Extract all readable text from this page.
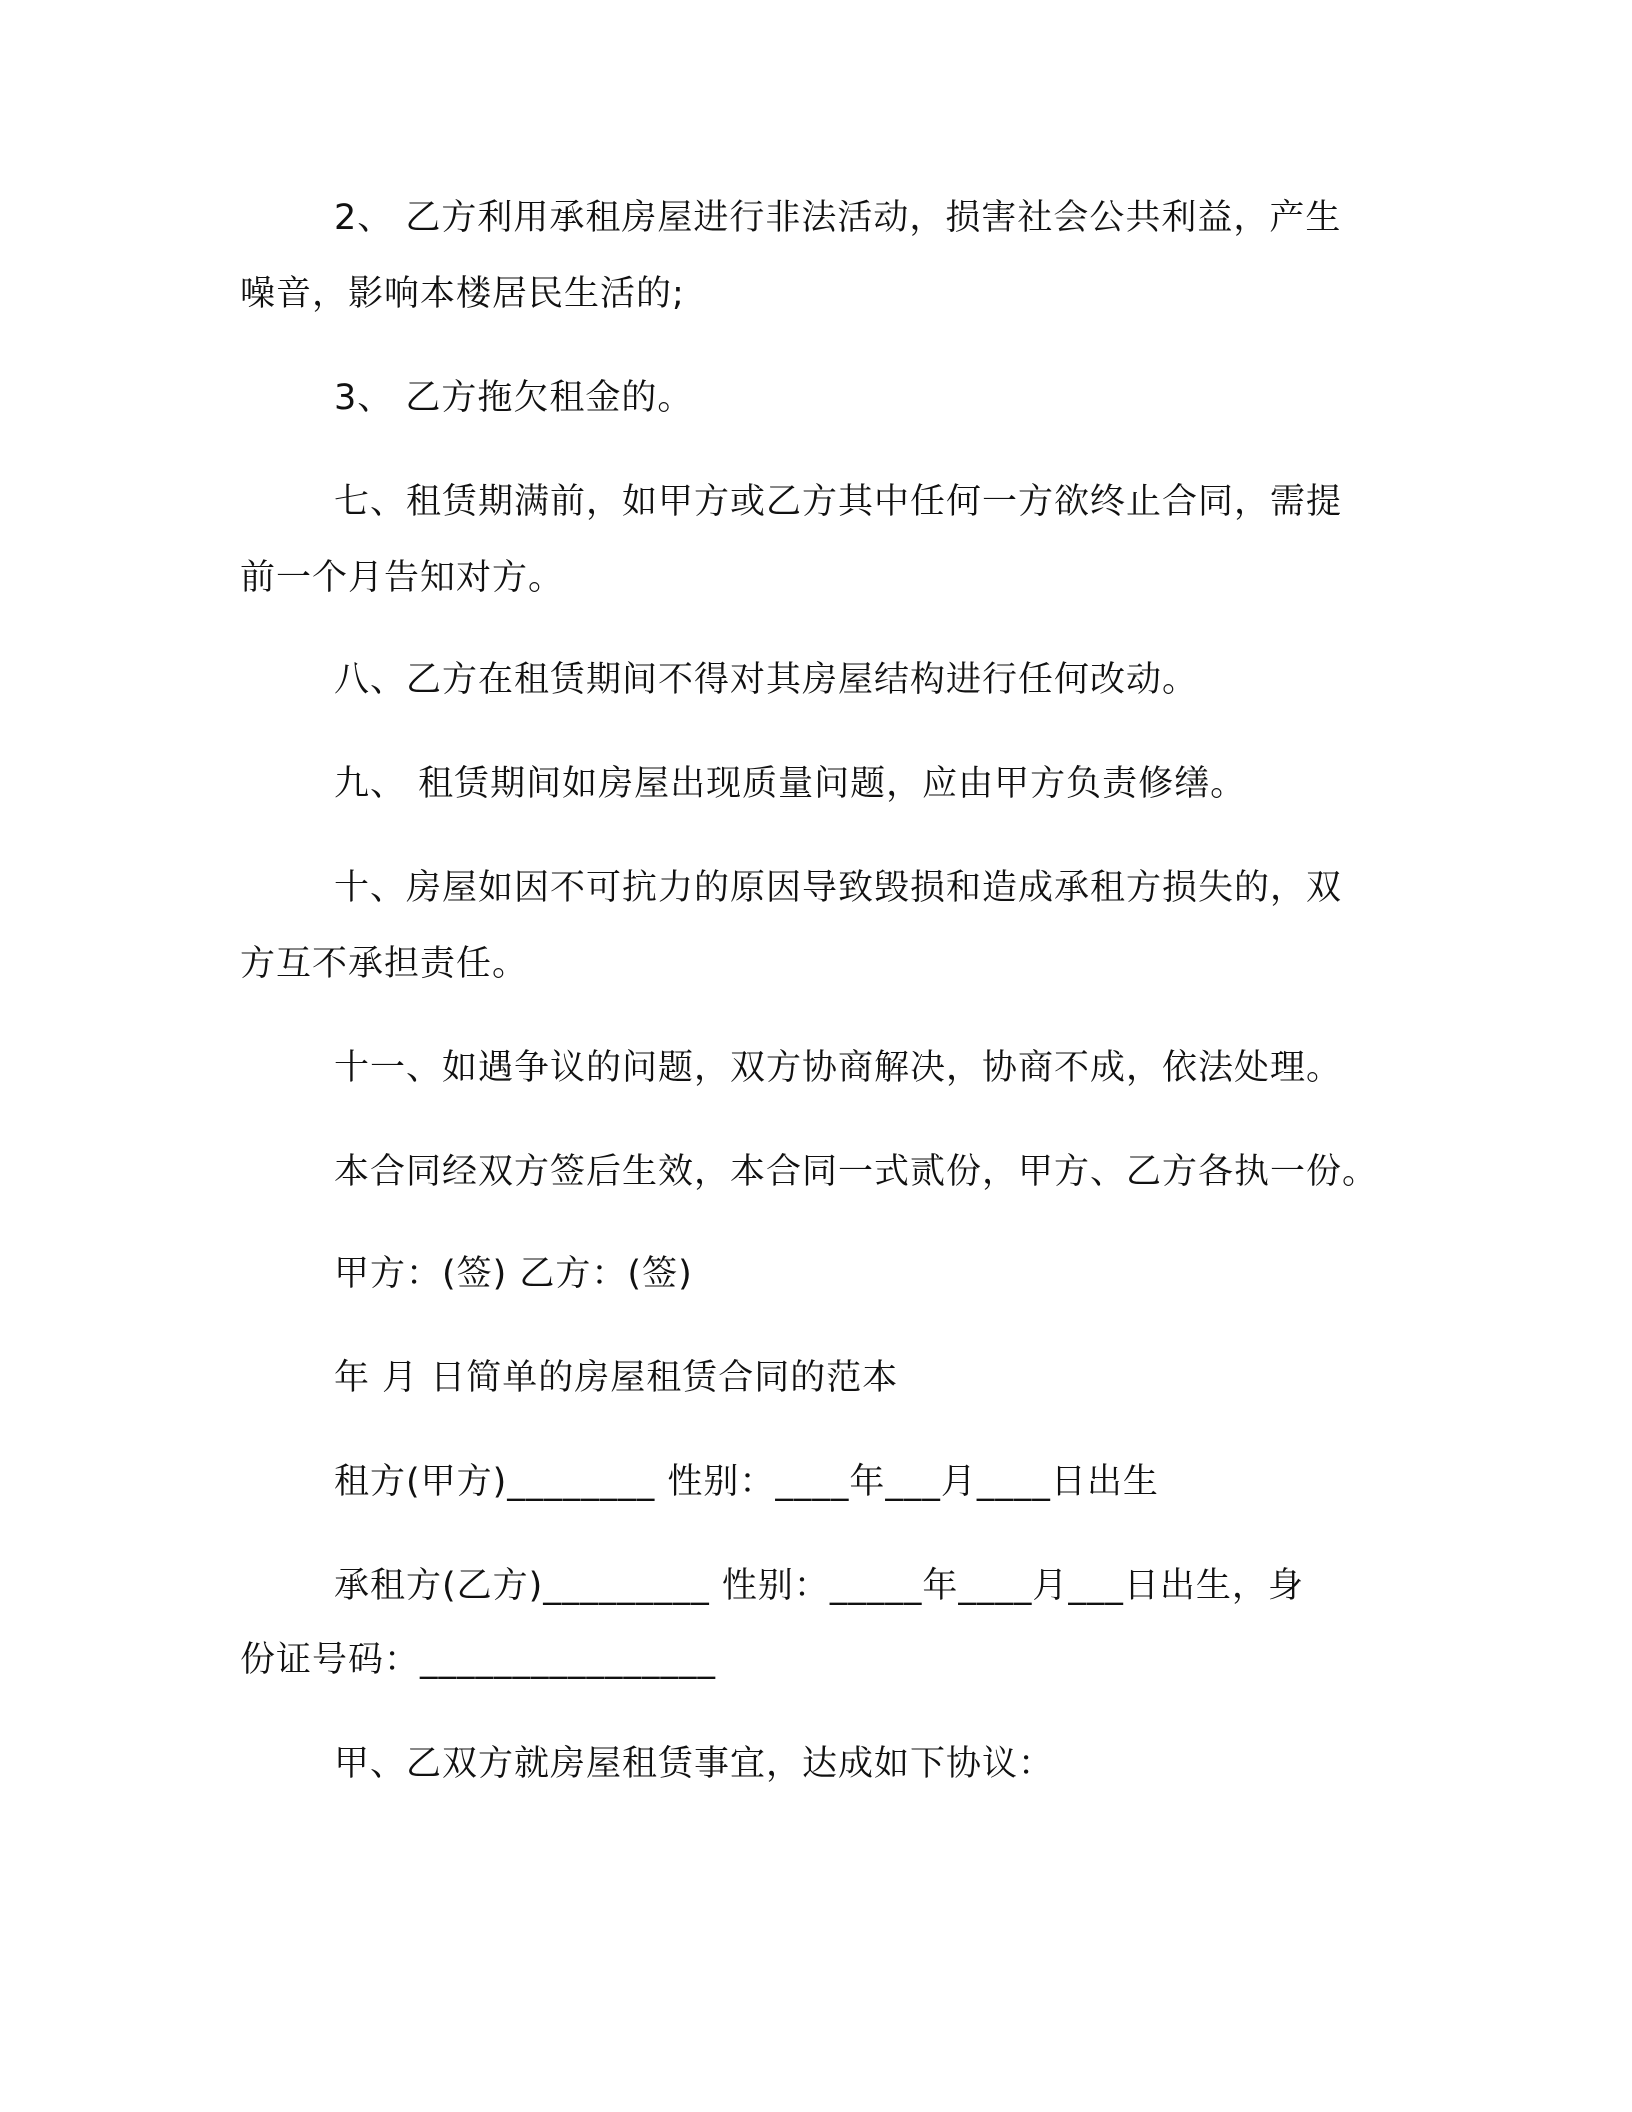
2、 乙方利用承租房屋进行非法活动，损害社会公共利益，产生
噪音，影响本楼居民生活的;
3、 乙方拖欠租金的。
七、租赁期满前，如甲方或乙方其中任何一方欲终止合同，需提
前一个月告知对方。
八、乙方在租赁期间不得对其房屋结构进行任何改动。
九、 租赁期间如房屋出现质量问题，应由甲方负责修缮。
十、房屋如因不可抗力的原因导致毁损和造成承租方损失的，双
方互不承担责任。
十一、如遇争议的问题，双方协商解决，协商不成，依法处理。
本合同经双方签后生效，本合同一式贰份，甲方、乙方各执一份。
甲方：(签) 乙方：(签)
年 月 日简单的房屋租赁合同的范本
租方(甲方)________ 性别：____年___月____日出生
承租方(乙方)_________ 性别：_____年____月___日出生，身
份证号码：________________
甲、乙双方就房屋租赁事宜，达成如下协议：
